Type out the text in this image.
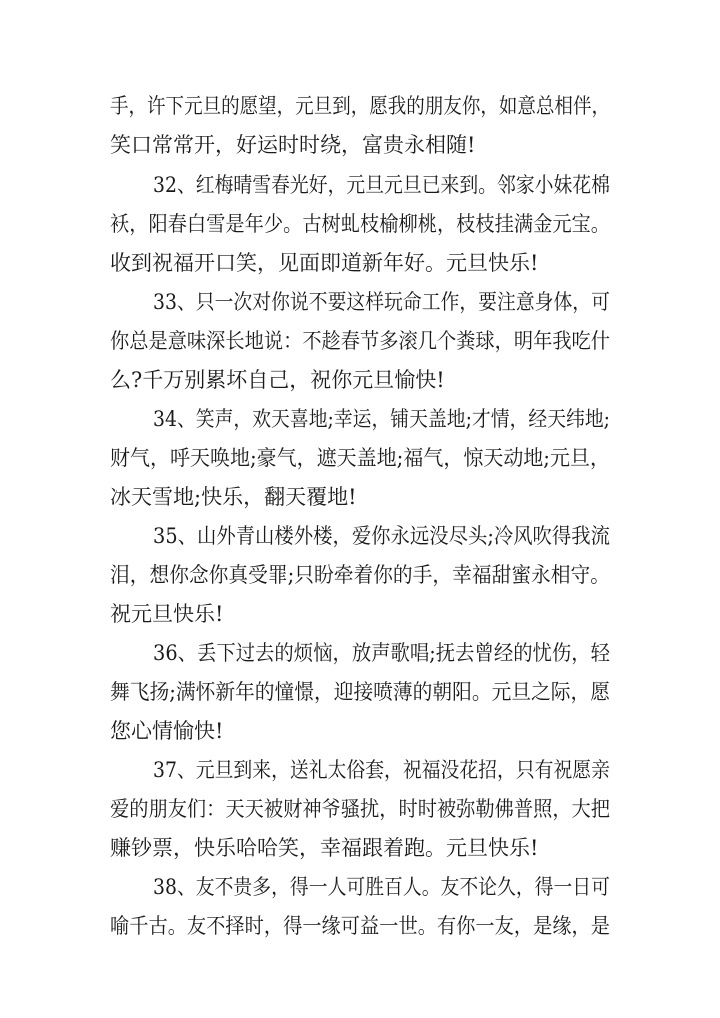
手，许下元旦的愿望，元旦到，愿我的朋友你，如意总相伴，
笑口常常开，好运时时绕，富贵永相随!
32、红梅晴雪春光好，元旦元旦已来到。邻家小妹花棉
袄，阳春白雪是年少。古树虬枝榆柳桃，枝枝挂满金元宝。
收到祝福开口笑，见面即道新年好。元旦快乐!
33、只一次对你说不要这样玩命工作，要注意身体，可
你总是意味深长地说：不趁春节多滚几个粪球，明年我吃什
么?千万别累坏自己，祝你元旦愉快!
34、笑声，欢天喜地;幸运，铺天盖地;才情，经天纬地;
财气，呼天唤地;豪气，遮天盖地;福气，惊天动地;元旦，
冰天雪地;快乐，翻天覆地!
35、山外青山楼外楼，爱你永远没尽头;冷风吹得我流
泪，想你念你真受罪;只盼牵着你的手，幸福甜蜜永相守。
祝元旦快乐!
36、丢下过去的烦恼，放声歌唱;抚去曾经的忧伤，轻
舞飞扬;满怀新年的憧憬，迎接喷薄的朝阳。元旦之际，愿
您心情愉快!
37、元旦到来，送礼太俗套，祝福没花招，只有祝愿亲
爱的朋友们：天天被财神爷骚扰，时时被弥勒佛普照，大把
赚钞票，快乐哈哈笑，幸福跟着跑。元旦快乐!
38、友不贵多，得一人可胜百人。友不论久，得一日可
喻千古。友不择时，得一缘可益一世。有你一友，是缘，是
